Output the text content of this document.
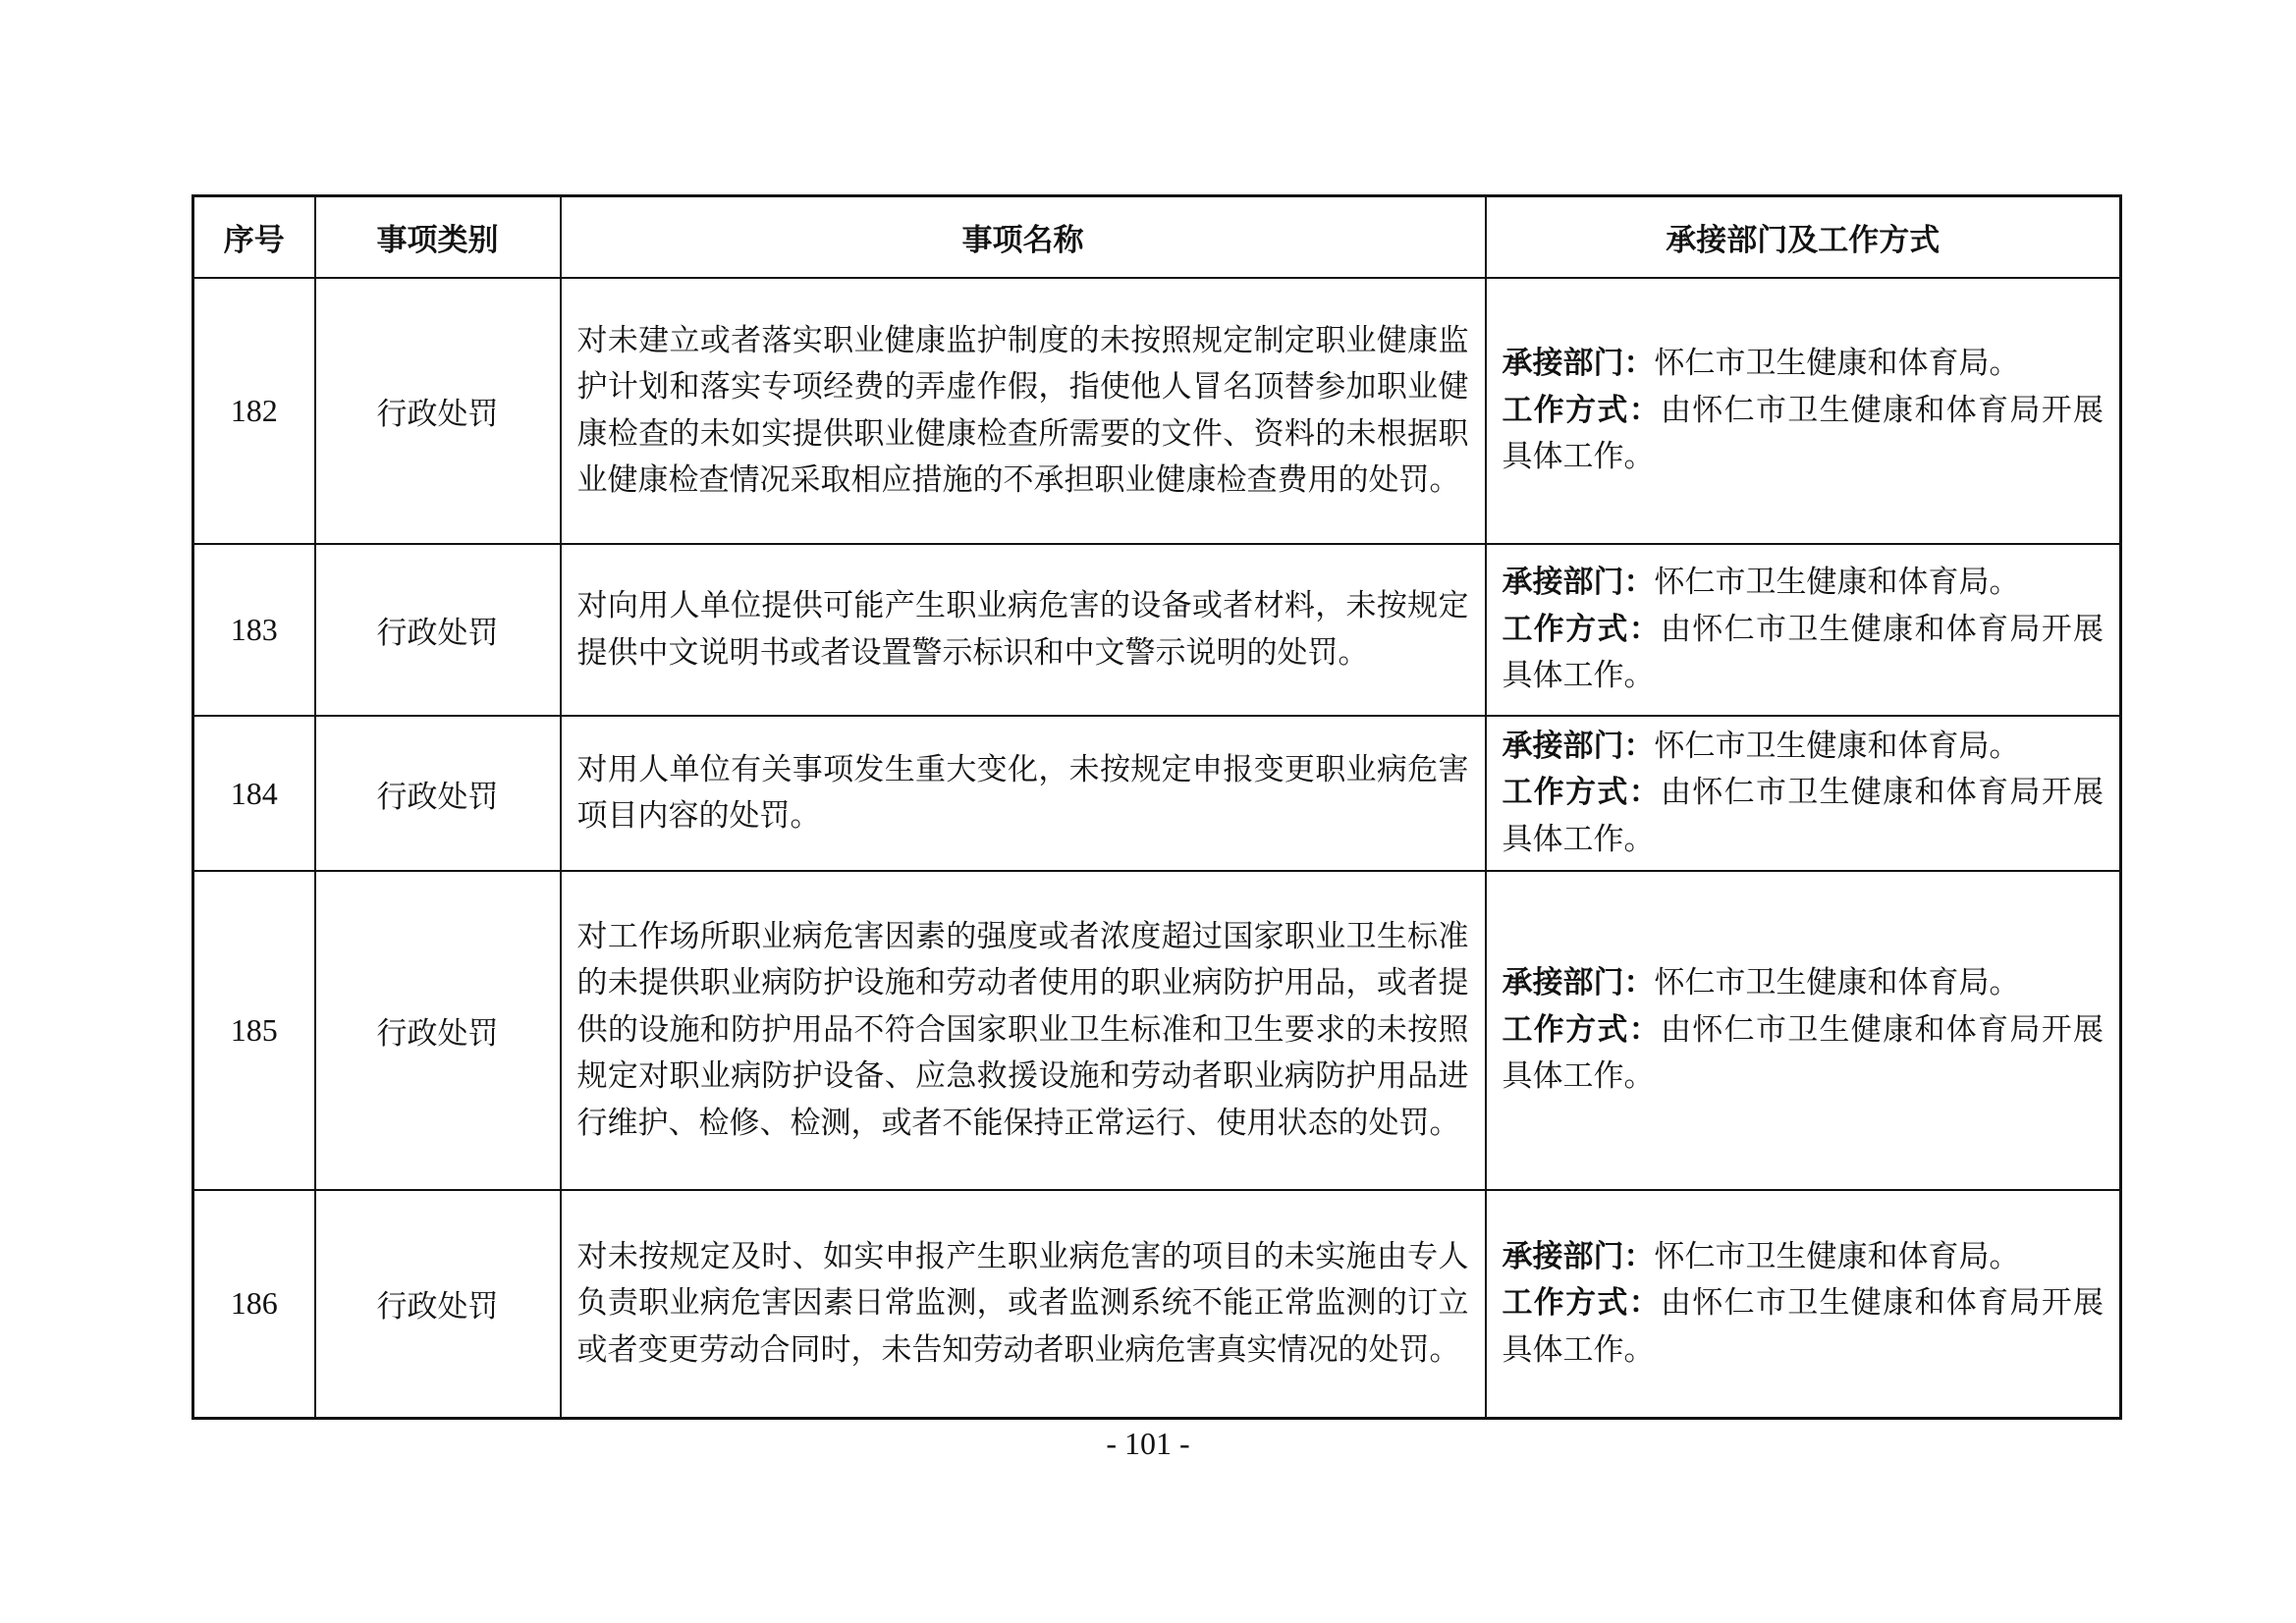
序号	事项类别	事项名称	承接部门及工作方式
182	行政处罚	对未建立或者落实职业健康监护制度的未按照规定制定职业健康监护计划和落实专项经费的弄虚作假，指使他人冒名顶替参加职业健康检查的未如实提供职业健康检查所需要的文件、资料的未根据职业健康检查情况采取相应措施的不承担职业健康检查费用的处罚。	承接部门：怀仁市卫生健康和体育局。
工作方式：由怀仁市卫生健康和体育局开展具体工作。
183	行政处罚	对向用人单位提供可能产生职业病危害的设备或者材料，未按规定提供中文说明书或者设置警示标识和中文警示说明的处罚。	承接部门：怀仁市卫生健康和体育局。
工作方式：由怀仁市卫生健康和体育局开展具体工作。
184	行政处罚	对用人单位有关事项发生重大变化，未按规定申报变更职业病危害项目内容的处罚。	承接部门：怀仁市卫生健康和体育局。
工作方式：由怀仁市卫生健康和体育局开展具体工作。
185	行政处罚	对工作场所职业病危害因素的强度或者浓度超过国家职业卫生标准的未提供职业病防护设施和劳动者使用的职业病防护用品，或者提供的设施和防护用品不符合国家职业卫生标准和卫生要求的未按照规定对职业病防护设备、应急救援设施和劳动者职业病防护用品进行维护、检修、检测，或者不能保持正常运行、使用状态的处罚。	承接部门：怀仁市卫生健康和体育局。
工作方式：由怀仁市卫生健康和体育局开展具体工作。
186	行政处罚	对未按规定及时、如实申报产生职业病危害的项目的未实施由专人负责职业病危害因素日常监测，或者监测系统不能正常监测的订立或者变更劳动合同时，未告知劳动者职业病危害真实情况的处罚。	承接部门：怀仁市卫生健康和体育局。
工作方式：由怀仁市卫生健康和体育局开展具体工作。
- 101 -
